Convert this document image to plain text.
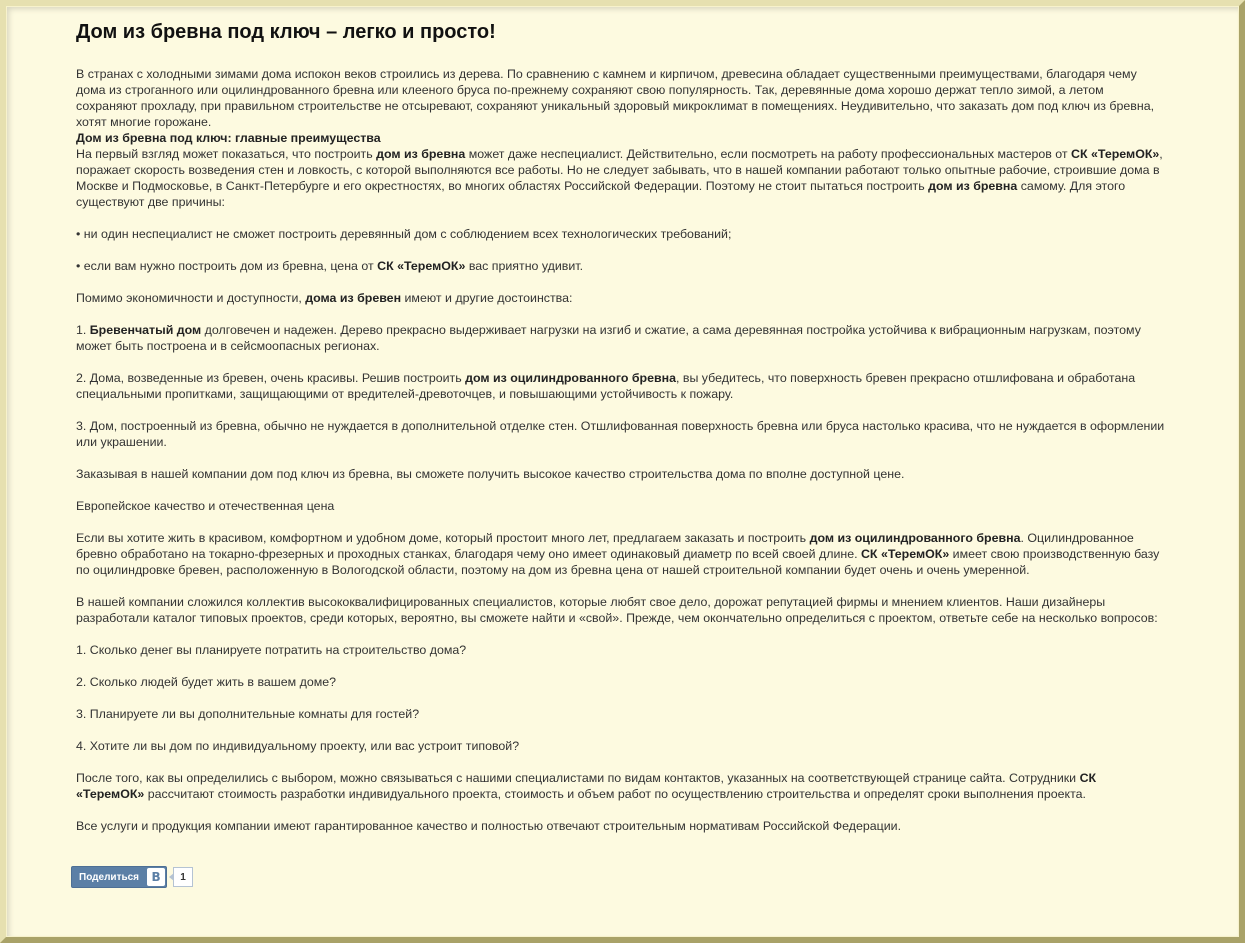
Дом из бревна под ключ – легко и просто!

В странах с холодными зимами дома испокон веков строились из дерева. По сравнению с камнем и кирпичом, древесина обладает существенными преимуществами, благодаря чему дома из строганного или оцилиндрованного бревна или клееного бруса по-прежнему сохраняют свою популярность. Так, деревянные дома хорошо держат тепло зимой, а летом сохраняют прохладу, при правильном строительстве не отсыревают, сохраняют уникальный здоровый микроклимат в помещениях. Неудивительно, что заказать дом под ключ из бревна, хотят многие горожане.

Дом из бревна под ключ: главные преимущества

На первый взгляд может показаться, что построить дом из бревна может даже неспециалист. Действительно, если посмотреть на работу профессиональных мастеров от СК «ТеремОК», поражает скорость возведения стен и ловкость, с которой выполняются все работы. Но не следует забывать, что в нашей компании работают только опытные рабочие, строившие дома в Москве и Подмосковье, в Санкт-Петербурге и его окрестностях, во многих областях Российской Федерации. Поэтому не стоит пытаться построить дом из бревна самому. Для этого существуют две причины:

• ни один неспециалист не сможет построить деревянный дом с соблюдением всех технологических требований;

• если вам нужно построить дом из бревна, цена от СК «ТеремОК» вас приятно удивит.

Помимо экономичности и доступности, дома из бревен имеют и другие достоинства:

1. Бревенчатый дом долговечен и надежен. Дерево прекрасно выдерживает нагрузки на изгиб и сжатие, а сама деревянная постройка устойчива к вибрационным нагрузкам, поэтому может быть построена и в сейсмоопасных регионах.

2. Дома, возведенные из бревен, очень красивы. Решив построить дом из оцилиндрованного бревна, вы убедитесь, что поверхность бревен прекрасно отшлифована и обработана специальными пропитками, защищающими от вредителей-древоточцев, и повышающими устойчивость к пожару.

3. Дом, построенный из бревна, обычно не нуждается в дополнительной отделке стен. Отшлифованная поверхность бревна или бруса настолько красива, что не нуждается в оформлении или украшении.

Заказывая в нашей компании дом под ключ из бревна, вы сможете получить высокое качество строительства дома по вполне доступной цене.

Европейское качество и отечественная цена

Если вы хотите жить в красивом, комфортном и удобном доме, который простоит много лет, предлагаем заказать и построить дом из оцилиндрованного бревна. Оцилиндрованное бревно обработано на токарно-фрезерных и проходных станках, благодаря чему оно имеет одинаковый диаметр по всей своей длине. СК «ТеремОК» имеет свою производственную базу по оцилиндровке бревен, расположенную в Вологодской области, поэтому на дом из бревна цена от нашей строительной компании будет очень и очень умеренной.

В нашей компании сложился коллектив высококвалифицированных специалистов, которые любят свое дело, дорожат репутацией фирмы и мнением клиентов. Наши дизайнеры разработали каталог типовых проектов, среди которых, вероятно, вы сможете найти и «свой». Прежде, чем окончательно определиться с проектом, ответьте себе на несколько вопросов:

1. Сколько денег вы планируете потратить на строительство дома?

2. Сколько людей будет жить в вашем доме?

3. Планируете ли вы дополнительные комнаты для гостей?

4. Хотите ли вы дом по индивидуальному проекту, или вас устроит типовой?

После того, как вы определились с выбором, можно связываться с нашими специалистами по видам контактов, указанных на соответствующей странице сайта. Сотрудники СК «ТеремОК» рассчитают стоимость разработки индивидуального проекта, стоимость и объем работ по осуществлению строительства и определят сроки выполнения проекта.

Все услуги и продукция компании имеют гарантированное качество и полностью отвечают строительным нормативам Российской Федерации.

Поделиться	В	1
